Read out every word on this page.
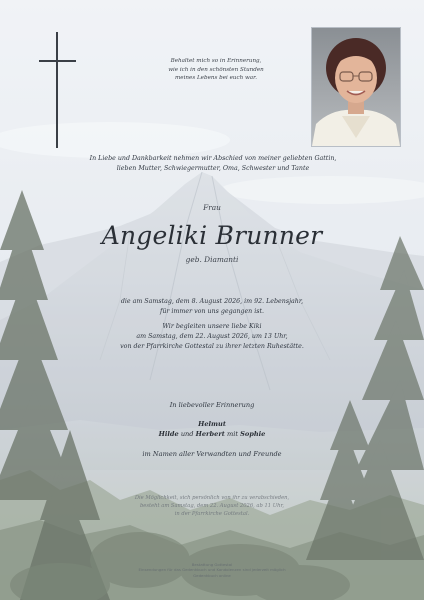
Behaltet mich so in Erinnerung,
wie ich in den schönsten Stunden
meines Lebens bei euch war.
In Liebe und Dankbarkeit nehmen wir Abschied von meiner geliebten Gattin,
lieben Mutter, Schwiegermutter, Oma, Schwester und Tante
Frau
Angeliki Brunner
geb. Diamanti
die am Samstag, dem 8. August 2026, im 92. Lebensjahr,
für immer von uns gegangen ist.
Wir begleiten unsere liebe Kiki
am Samstag, dem 22. August 2026, um 13 Uhr,
von der Pfarrkirche Gottestal zu ihrer letzten Ruhestätte.
In liebevoller Erinnerung
Helmut
Hilde und Herbert mit Sophie
im Namen aller Verwandten und Freunde
Die Möglichkeit, sich persönlich von ihr zu verabschieden,
besteht am Samstag, dem 22. August 2026, ab 11 Uhr,
in der Pfarrkirche Gottestal.
Bestattung Gottestal
Einsendungen für das Gedenkbuch und Kondolenzen sind jederzeit möglich
Gedenkbuch online
